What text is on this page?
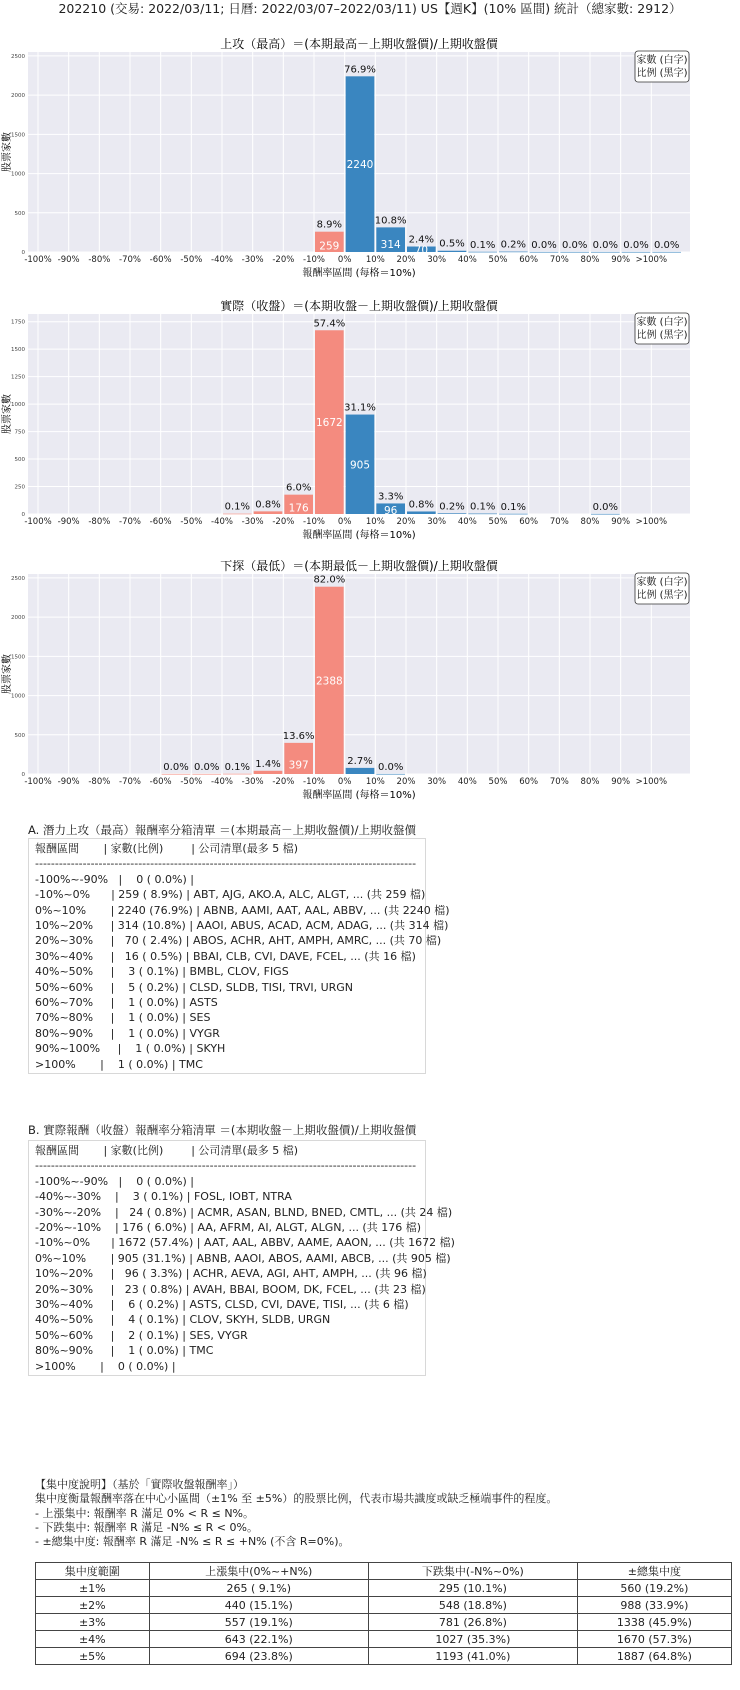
202210 (交易: 2022/03/11; 日曆: 2022/03/07–2022/03/11) US【週K】(10% 區間) 統計（總家數: 2912）
上攻（最高）＝(本期最高－上期收盤價)/上期收盤價
0
500
1000
1500
2000
2500
-100% -90% -80% -70% -60% -50% -40% -30% -20% -10% 0% 10% 20% 30% 40% 50% 60% 70% 80% 90% >100%
8.9%
259
76.9%
2240
10.8%
314 2.4%
70
0.5% 0.1% 0.2% 0.0% 0.0% 0.0% 0.0% 0.0%
報酬率區間 (每格＝10%)
股票家數
家數 (白字)
比例 (黑字)
實際（收盤）＝(本期收盤－上期收盤價)/上期收盤價
0
250
500
750
1000
1250
1500
1750
-100% -90% -80% -70% -60% -50% -40% -30% -20% -10% 0% 10% 20% 30% 40% 50% 60% 70% 80% 90% >100%
0.1% 0.8%
6.0%
176
57.4%
1672
31.1%
905
3.3%
96
0.8% 0.2% 0.1% 0.1%	0.0%
報酬率區間 (每格＝10%)
股票家數
家數 (白字)
比例 (黑字)
下探（最低）＝(本期最低－上期收盤價)/上期收盤價
0
500
1000
1500
2000
2500
-100% -90% -80% -70% -60% -50% -40% -30% -20% -10% 0% 10% 20% 30% 40% 50% 60% 70% 80% 90% >100%
0.0% 0.0% 0.1% 1.4%
13.6%
397
82.0%
2388
2.7%
0.0%
報酬率區間 (每格＝10%)
股票家數
家數 (白字)
比例 (黑字)
A. 潛力上攻（最高）報酬率分箱清單 ＝(本期最高－上期收盤價)/上期收盤價
報酬區間       | 家數(比例)        | 公司清單(最多 5 檔)
------------------------------------------------------------------------------------------------
-100%~-90%   |    0 ( 0.0%) |
-10%~0%      | 259 ( 8.9%) | ABT, AJG, AKO.A, ALC, ALGT, ... (共 259 檔)
0%~10%       | 2240 (76.9%) | ABNB, AAMI, AAT, AAL, ABBV, ... (共 2240 檔)
10%~20%     | 314 (10.8%) | AAOI, ABUS, ACAD, ACM, ADAG, ... (共 314 檔)
20%~30%     |   70 ( 2.4%) | ABOS, ACHR, AHT, AMPH, AMRC, ... (共 70 檔)
30%~40%     |   16 ( 0.5%) | BBAI, CLB, CVI, DAVE, FCEL, ... (共 16 檔)
40%~50%     |    3 ( 0.1%) | BMBL, CLOV, FIGS
50%~60%     |    5 ( 0.2%) | CLSD, SLDB, TISI, TRVI, URGN
60%~70%     |    1 ( 0.0%) | ASTS
70%~80%     |    1 ( 0.0%) | SES
80%~90%     |    1 ( 0.0%) | VYGR
90%~100%     |    1 ( 0.0%) | SKYH
>100%       |    1 ( 0.0%) | TMC
B. 實際報酬（收盤）報酬率分箱清單 ＝(本期收盤－上期收盤價)/上期收盤價
報酬區間       | 家數(比例)        | 公司清單(最多 5 檔)
------------------------------------------------------------------------------------------------
-100%~-90%   |    0 ( 0.0%) |
-40%~-30%    |    3 ( 0.1%) | FOSL, IOBT, NTRA
-30%~-20%    |   24 ( 0.8%) | ACMR, ASAN, BLND, BNED, CMTL, ... (共 24 檔)
-20%~-10%    | 176 ( 6.0%) | AA, AFRM, AI, ALGT, ALGN, ... (共 176 檔)
-10%~0%      | 1672 (57.4%) | AAT, AAL, ABBV, AAME, AAON, ... (共 1672 檔)
0%~10%       | 905 (31.1%) | ABNB, AAOI, ABOS, AAMI, ABCB, ... (共 905 檔)
10%~20%     |   96 ( 3.3%) | ACHR, AEVA, AGI, AHT, AMPH, ... (共 96 檔)
20%~30%     |   23 ( 0.8%) | AVAH, BBAI, BOOM, DK, FCEL, ... (共 23 檔)
30%~40%     |    6 ( 0.2%) | ASTS, CLSD, CVI, DAVE, TISI, ... (共 6 檔)
40%~50%     |    4 ( 0.1%) | CLOV, SKYH, SLDB, URGN
50%~60%     |    2 ( 0.1%) | SES, VYGR
80%~90%     |    1 ( 0.0%) | TMC
>100%       |    0 ( 0.0%) |
【集中度說明】（基於「實際收盤報酬率」）
集中度衡量報酬率落在中心小區間（±1% 至 ±5%）的股票比例，代表市場共識度或缺乏極端事件的程度。
- 上漲集中: 報酬率 R 滿足 0% < R ≤ N%。
- 下跌集中: 報酬率 R 滿足 -N% ≤ R < 0%。
- ±總集中度: 報酬率 R 滿足 -N% ≤ R ≤ +N% (不含 R=0%)。
集中度範圍	上漲集中(0%~+N%)	下跌集中(-N%~0%)	±總集中度
±1%	265 ( 9.1%)	295 (10.1%)	560 (19.2%)
±2%	440 (15.1%)	548 (18.8%)	988 (33.9%)
±3%	557 (19.1%)	781 (26.8%)	1338 (45.9%)
±4%	643 (22.1%)	1027 (35.3%)	1670 (57.3%)
±5%	694 (23.8%)	1193 (41.0%)	1887 (64.8%)
